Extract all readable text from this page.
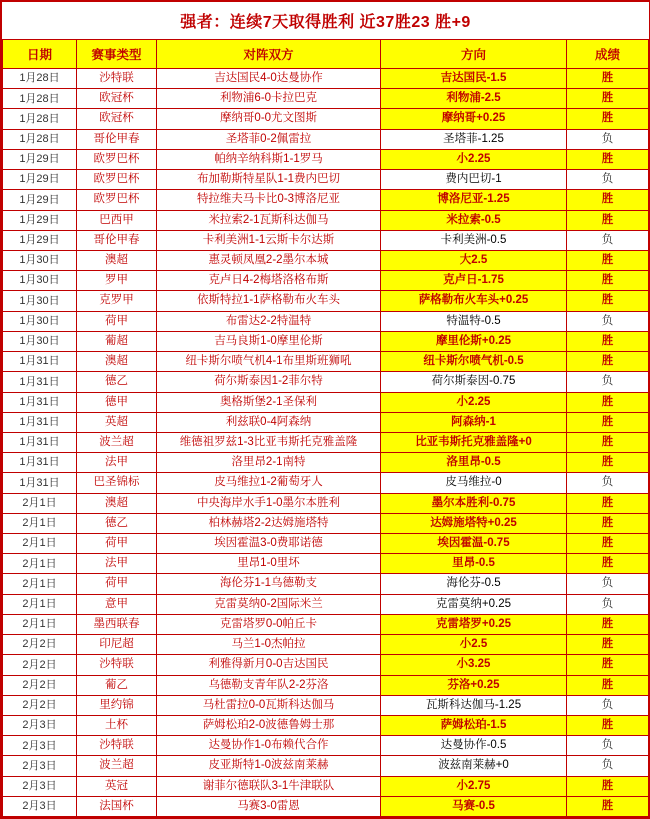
强者：连续7天取得胜利 近37胜23 胜+9				
日期	赛事类型	对阵双方	方向	成绩
1月28日	沙特联	吉达国民4-0达曼协作	吉达国民-1.5	胜
1月28日	欧冠杯	利物浦6-0卡拉巴克	利物浦-2.5	胜
1月28日	欧冠杯	摩纳哥0-0尤文图斯	摩纳哥+0.25	胜
1月28日	哥伦甲春	圣塔菲0-2佩雷拉	圣塔菲-1.25	负
1月29日	欧罗巴杯	帕纳辛纳科斯1-1罗马	小2.25	胜
1月29日	欧罗巴杯	布加勒斯特星队1-1费内巴切	费内巴切-1	负
1月29日	欧罗巴杯	特拉维夫马卡比0-3博洛尼亚	博洛尼亚-1.25	胜
1月29日	巴西甲	米拉索2-1瓦斯科达伽马	米拉索-0.5	胜
1月29日	哥伦甲春	卡利美洲1-1云斯卡尔达斯	卡利美洲-0.5	负
1月30日	澳超	惠灵顿凤凰2-2墨尔本城	大2.5	胜
1月30日	罗甲	克卢日4-2梅塔洛格布斯	克卢日-1.75	胜
1月30日	克罗甲	依斯特拉1-1萨格勒布火车头	萨格勒布火车头+0.25	胜
1月30日	荷甲	布雷达2-2特温特	特温特-0.5	负
1月30日	葡超	吉马良斯1-0摩里伦斯	摩里伦斯+0.25	胜
1月31日	澳超	纽卡斯尔喷气机4-1布里斯班狮吼	纽卡斯尔喷气机-0.5	胜
1月31日	德乙	荷尔斯泰因1-2菲尔特	荷尔斯泰因-0.75	负
1月31日	德甲	奥格斯堡2-1圣保利	小2.25	胜
1月31日	英超	利兹联0-4阿森纳	阿森纳-1	胜
1月31日	波兰超	维德祖罗兹1-3比亚韦斯托克雅盖隆	比亚韦斯托克雅盖隆+0	胜
1月31日	法甲	洛里昂2-1南特	洛里昂-0.5	胜
1月31日	巴圣锦标	皮马维拉1-2葡萄牙人	皮马维拉-0	负
2月1日	澳超	中央海岸水手1-0墨尔本胜利	墨尔本胜利-0.75	胜
2月1日	德乙	柏林赫塔2-2达姆施塔特	达姆施塔特+0.25	胜
2月1日	荷甲	埃因霍温3-0费耶诺德	埃因霍温-0.75	胜
2月1日	法甲	里昂1-0里坏	里昂-0.5	胜
2月1日	荷甲	海伦芬1-1乌德勒支	海伦芬-0.5	负
2月1日	意甲	克雷莫纳0-2国际米兰	克雷莫纳+0.25	负
2月1日	墨西联春	克雷塔罗0-0帕丘卡	克雷塔罗+0.25	胜
2月2日	印尼超	马兰1-0杰帕拉	小2.5	胜
2月2日	沙特联	利雅得新月0-0吉达国民	小3.25	胜
2月2日	葡乙	乌德勒支青年队2-2芬洛	芬洛+0.25	胜
2月2日	里约锦	马杜雷拉0-0瓦斯科达伽马	瓦斯科达伽马-1.25	负
2月3日	土杯	萨姆松珀2-0波德鲁姆士那	萨姆松珀-1.5	胜
2月3日	沙特联	达曼协作1-0布赖代合作	达曼协作-0.5	负
2月3日	波兰超	皮亚斯特1-0波兹南莱赫	波兹南莱赫+0	负
2月3日	英冠	谢菲尔德联队3-1牛津联队	小2.75	胜
2月3日	法国杯	马赛3-0雷恩	马赛-0.5	胜
